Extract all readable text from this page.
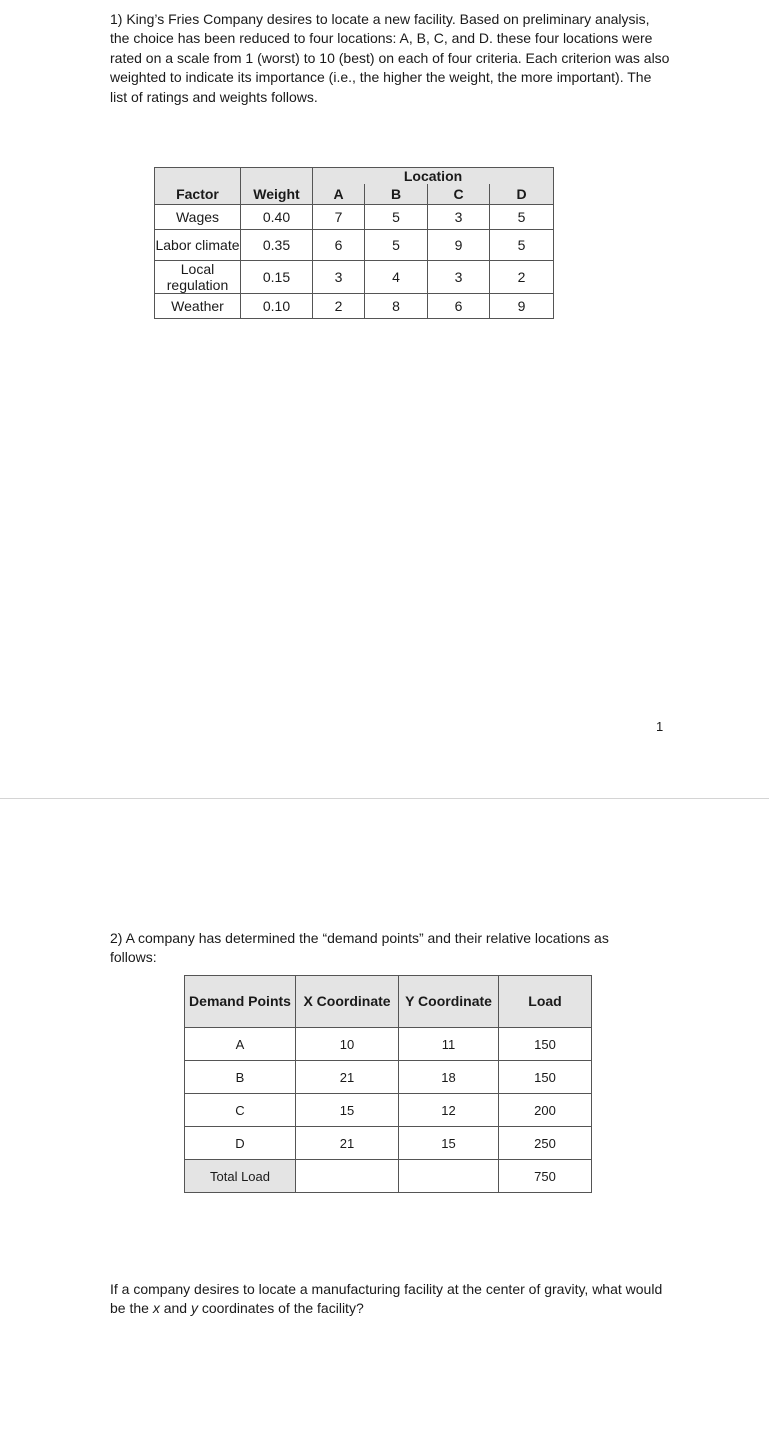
1) King’s Fries Company desires to locate a new facility. Based on preliminary analysis, the choice has been reduced to four locations: A, B, C, and D. these four locations were rated on a scale from 1 (worst) to 10 (best) on each of four criteria. Each criterion was also weighted to indicate its importance (i.e., the higher the weight, the more important). The list of ratings and weights follows.

		Location			
Factor	Weight	A	B	C	D
Wages	0.40	7	5	3	5
Labor climate	0.35	6	5	9	5
Local regulation	0.15	3	4	3	2
Weather	0.10	2	8	6	9
1

2) A company has determined the “demand points” and their relative locations as follows:

Demand Points	X Coordinate	Y Coordinate	Load
A	10	11	150
B	21	18	150
C	15	12	200
D	21	15	250
Total Load			750

If a company desires to locate a manufacturing facility at the center of gravity, what would be the x and y coordinates of the facility?
